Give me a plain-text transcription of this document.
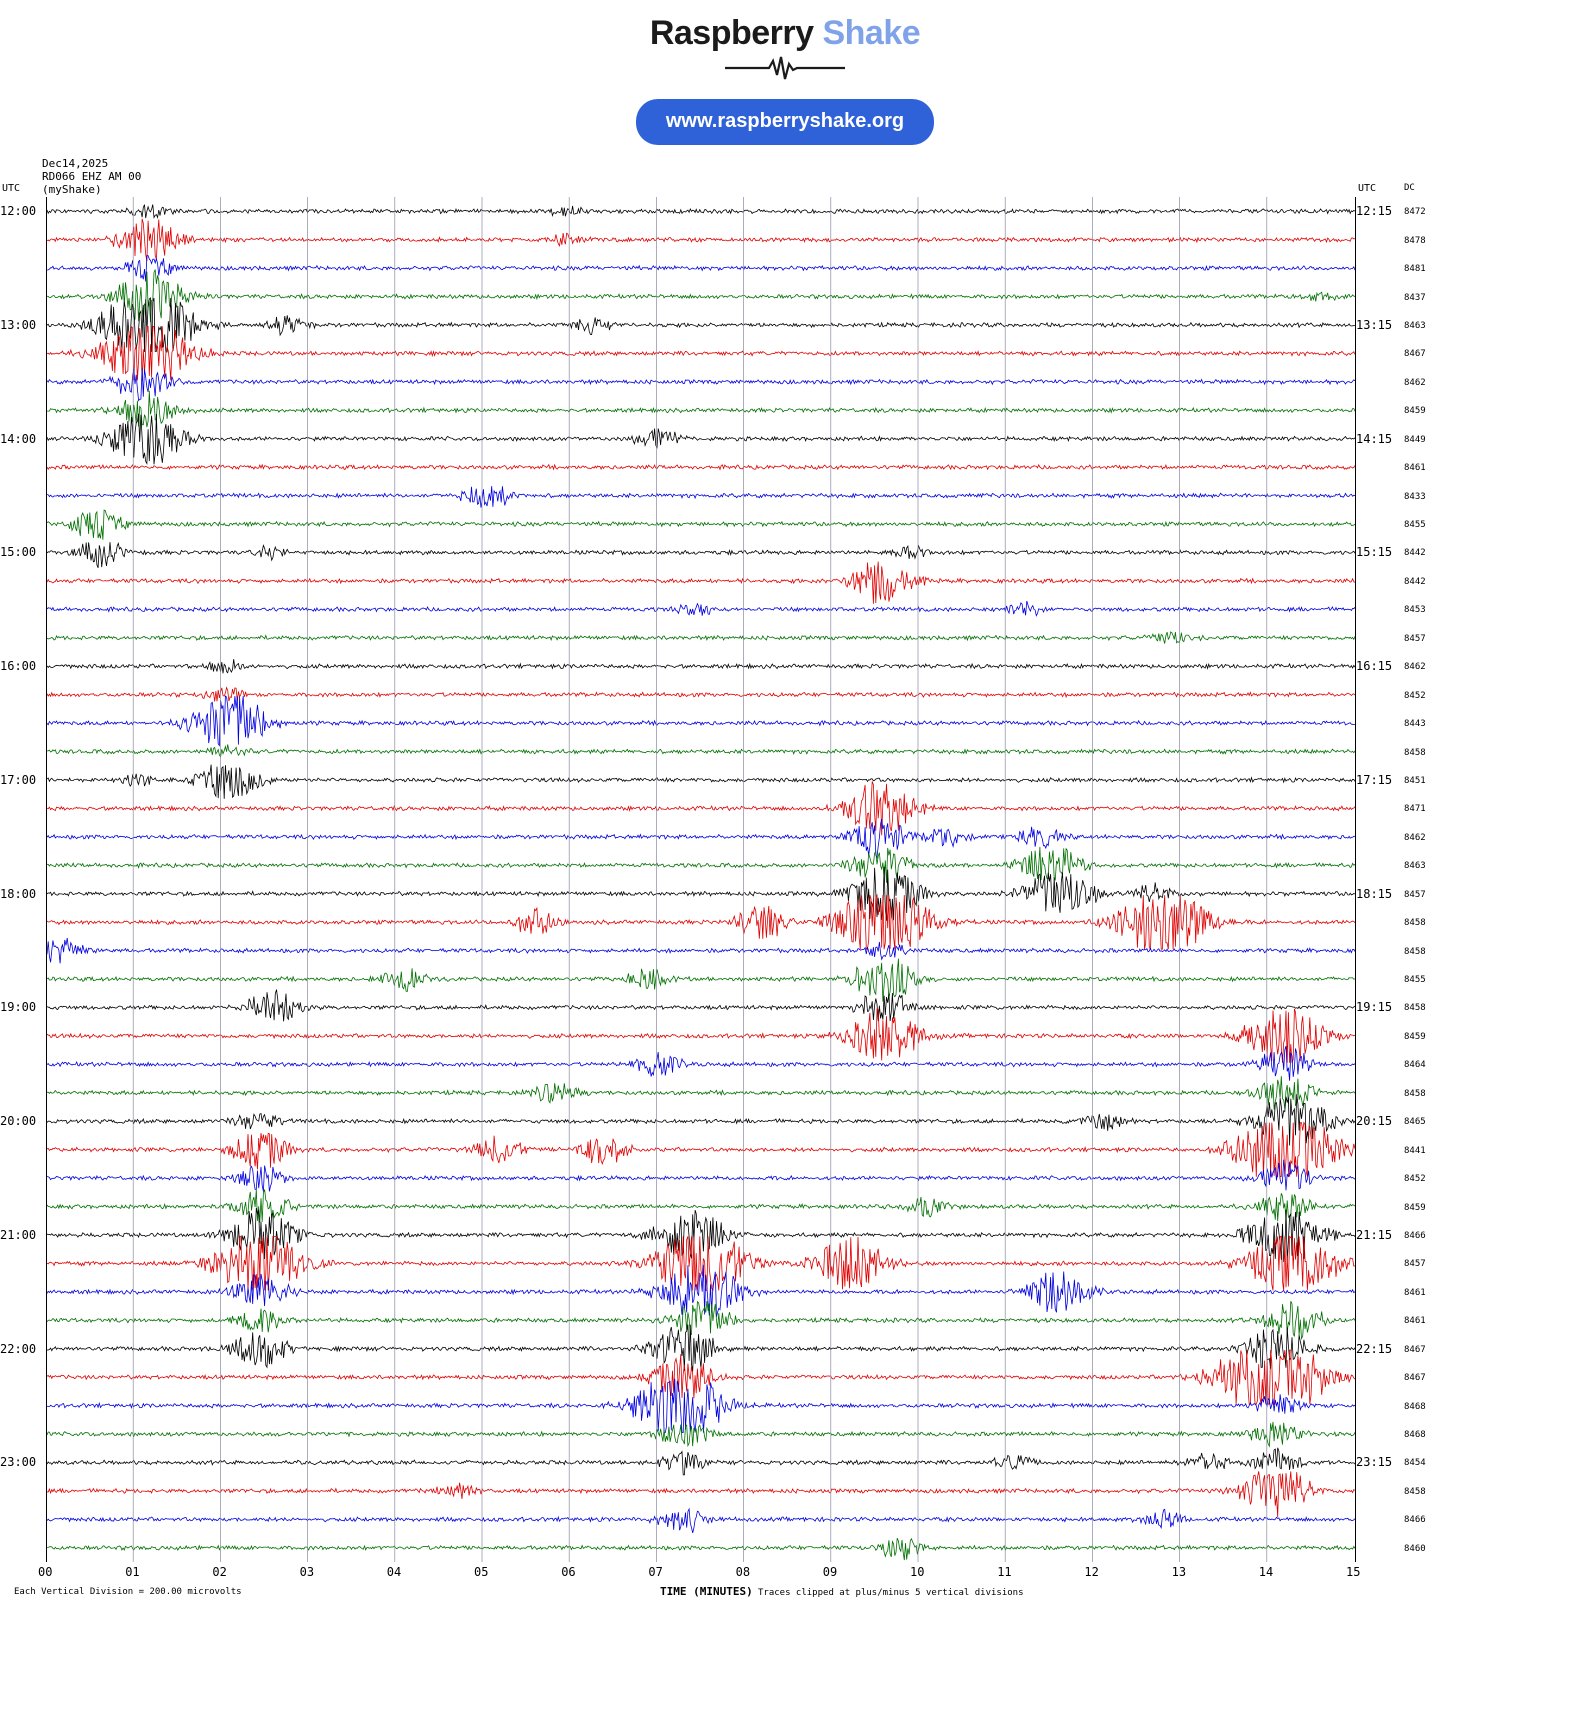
Raspberry Shake
www.raspberryshake.org
Dec14,2025
RD066 EHZ AM 00
(myShake)
UTC	UTC	DC
12:00
13:00
14:00
15:00
16:00
17:00
18:00
19:00
20:00
21:00
22:00
23:00
12:15
13:15
14:15
15:15
16:15
17:15
18:15
19:15
20:15
21:15
22:15
23:15
8472
8478
8481
8437
8463
8467
8462
8459
8449
8461
8433
8455
8442
8442
8453
8457
8462
8452
8443
8458
8451
8471
8462
8463
8457
8458
8458
8455
8458
8459
8464
8458
8465
8441
8452
8459
8466
8457
8461
8461
8467
8467
8468
8468
8454
8458
8466
8460
00	01	02	03	04	05	06	07	08	09	10	11	12	13	14	15
Each Vertical Division = 200.00 microvolts	TIME (MINUTES) Traces clipped at plus/minus 5 vertical divisions
